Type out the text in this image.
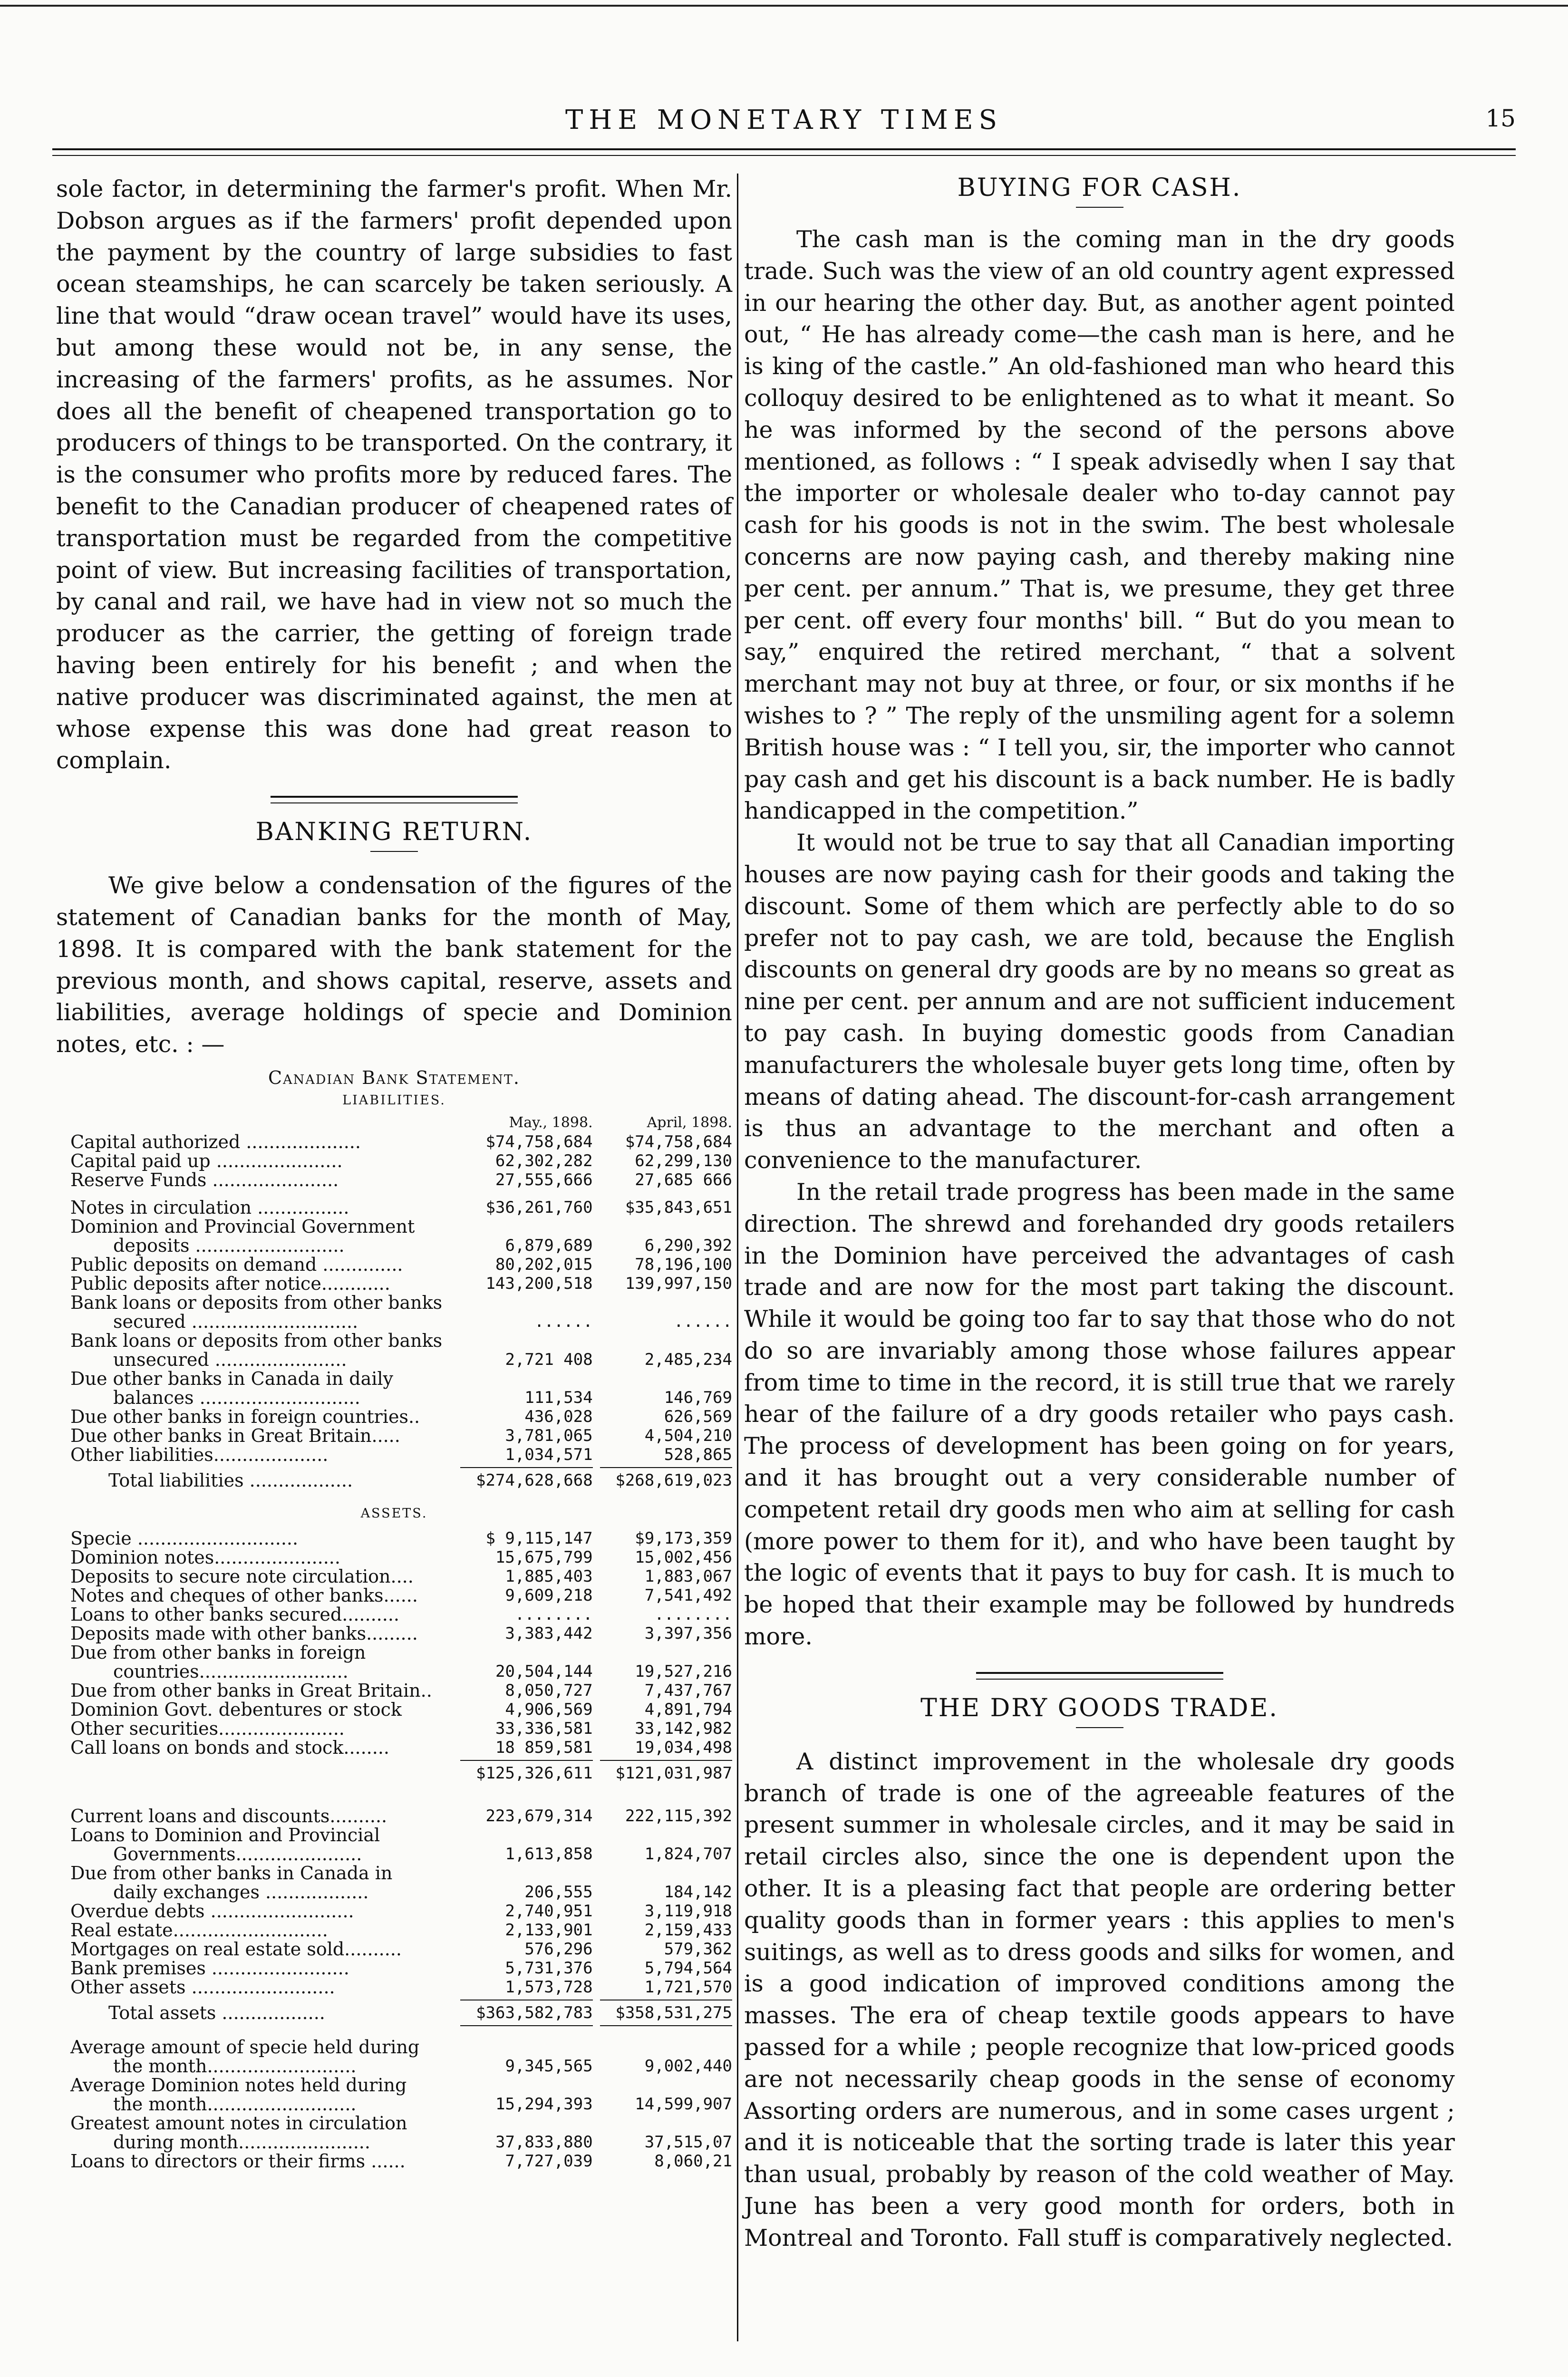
THE MONETARY TIMES	15

sole factor, in determining the farmer's profit. When Mr. Dobson argues as if the farmers' profit depended upon the payment by the country of large subsidies to fast ocean steamships, he can scarcely be taken seriously. A line that would “draw ocean travel” would have its uses, but among these would not be, in any sense, the increasing of the farmers' profits, as he assumes. Nor does all the benefit of cheapened transportation go to producers of things to be transported. On the contrary, it is the consumer who profits more by reduced fares. The benefit to the Canadian producer of cheapened rates of transportation must be regarded from the competitive point of view. But increasing facilities of transportation, by canal and rail, we have had in view not so much the producer as the carrier, the getting of foreign trade having been entirely for his benefit ; and when the native producer was discriminated against, the men at whose expense this was done had great reason to complain.

BANKING RETURN.

We give below a condensation of the figures of the statement of Canadian banks for the month of May, 1898. It is compared with the bank statement for the previous month, and shows capital, reserve, assets and liabilities, average holdings of specie and Dominion notes, etc. : —

Canadian Bank Statement.
LIABILITIES.
May., 1898.	April, 1898.
Capital authorized ....................	$74,758,684	$74,758,684
Capital paid up ......................	62,302,282	62,299,130
Reserve Funds ......................	27,555,666	27,685 666
Notes in circulation ................	$36,261,760	$35,843,651
Dominion and Provincial Government
deposits ..........................	6,879,689	6,290,392
Public deposits on demand ..............	80,202,015	78,196,100
Public deposits after notice............	143,200,518	139,997,150
Bank loans or deposits from other banks
secured .............................	......	......
Bank loans or deposits from other banks
unsecured .......................	2,721 408	2,485,234
Due other banks in Canada in daily
balances ............................	111,534	146,769
Due other banks in foreign countries..	436,028	626,569
Due other banks in Great Britain.....	3,781,065	4,504,210
Other liabilities....................	1,034,571	528,865
Total liabilities ..................	$274,628,668	$268,619,023
ASSETS.
Specie ............................	$ 9,115,147	$9,173,359
Dominion notes......................	15,675,799	15,002,456
Deposits to secure note circulation....	1,885,403	1,883,067
Notes and cheques of other banks......	9,609,218	7,541,492
Loans to other banks secured..........	........	........
Deposits made with other banks.........	3,383,442	3,397,356
Due from other banks in foreign
countries..........................	20,504,144	19,527,216
Due from other banks in Great Britain..	8,050,727	7,437,767
Dominion Govt. debentures or stock	4,906,569	4,891,794
Other securities......................	33,336,581	33,142,982
Call loans on bonds and stock........	18 859,581	19,034,498
$125,326,611	$121,031,987
Current loans and discounts..........	223,679,314	222,115,392
Loans to Dominion and Provincial
Governments......................	1,613,858	1,824,707
Due from other banks in Canada in
daily exchanges ..................	206,555	184,142
Overdue debts .........................	2,740,951	3,119,918
Real estate...........................	2,133,901	2,159,433
Mortgages on real estate sold..........	576,296	579,362
Bank premises ........................	5,731,376	5,794,564
Other assets .........................	1,573,728	1,721,570
Total assets ..................	$363,582,783	$358,531,275
Average amount of specie held during
the month..........................	9,345,565	9,002,440
Average Dominion notes held during
the month..........................	15,294,393	14,599,907
Greatest amount notes in circulation
during month.......................	37,833,880	37,515,07
Loans to directors or their firms ......	7,727,039	8,060,21
BUYING FOR CASH.

The cash man is the coming man in the dry goods trade. Such was the view of an old country agent expressed in our hearing the other day. But, as another agent pointed out, “ He has already come—the cash man is here, and he is king of the castle.” An old-fashioned man who heard this colloquy desired to be enlightened as to what it meant. So he was informed by the second of the persons above mentioned, as follows : “ I speak advisedly when I say that the importer or wholesale dealer who to-day cannot pay cash for his goods is not in the swim. The best wholesale concerns are now paying cash, and thereby making nine per cent. per annum.” That is, we presume, they get three per cent. off every four months' bill. “ But do you mean to say,” enquired the retired merchant, “ that a solvent merchant may not buy at three, or four, or six months if he wishes to ? ” The reply of the unsmiling agent for a solemn British house was : “ I tell you, sir, the importer who cannot pay cash and get his discount is a back number. He is badly handicapped in the competition.”

It would not be true to say that all Canadian importing houses are now paying cash for their goods and taking the discount. Some of them which are perfectly able to do so prefer not to pay cash, we are told, because the English discounts on general dry goods are by no means so great as nine per cent. per annum and are not sufficient inducement to pay cash. In buying domestic goods from Canadian manufacturers the wholesale buyer gets long time, often by means of dating ahead. The discount-for-cash arrangement is thus an advantage to the merchant and often a convenience to the manufacturer.

In the retail trade progress has been made in the same direction. The shrewd and forehanded dry goods retailers in the Dominion have perceived the advantages of cash trade and are now for the most part taking the discount. While it would be going too far to say that those who do not do so are invariably among those whose failures appear from time to time in the record, it is still true that we rarely hear of the failure of a dry goods retailer who pays cash. The process of development has been going on for years, and it has brought out a very considerable number of competent retail dry goods men who aim at selling for cash (more power to them for it), and who have been taught by the logic of events that it pays to buy for cash. It is much to be hoped that their example may be followed by hundreds more.

THE DRY GOODS TRADE.

A distinct improvement in the wholesale dry goods branch of trade is one of the agreeable features of the present summer in wholesale circles, and it may be said in retail circles also, since the one is dependent upon the other. It is a pleasing fact that people are ordering better quality goods than in former years : this applies to men's suitings, as well as to dress goods and silks for women, and is a good indication of improved conditions among the masses. The era of cheap textile goods appears to have passed for a while ; people recognize that low-priced goods are not necessarily cheap goods in the sense of economy Assorting orders are numerous, and in some cases urgent ; and it is noticeable that the sorting trade is later this year than usual, probably by reason of the cold weather of May. June has been a very good month for orders, both in Montreal and Toronto. Fall stuff is comparatively neglected.
